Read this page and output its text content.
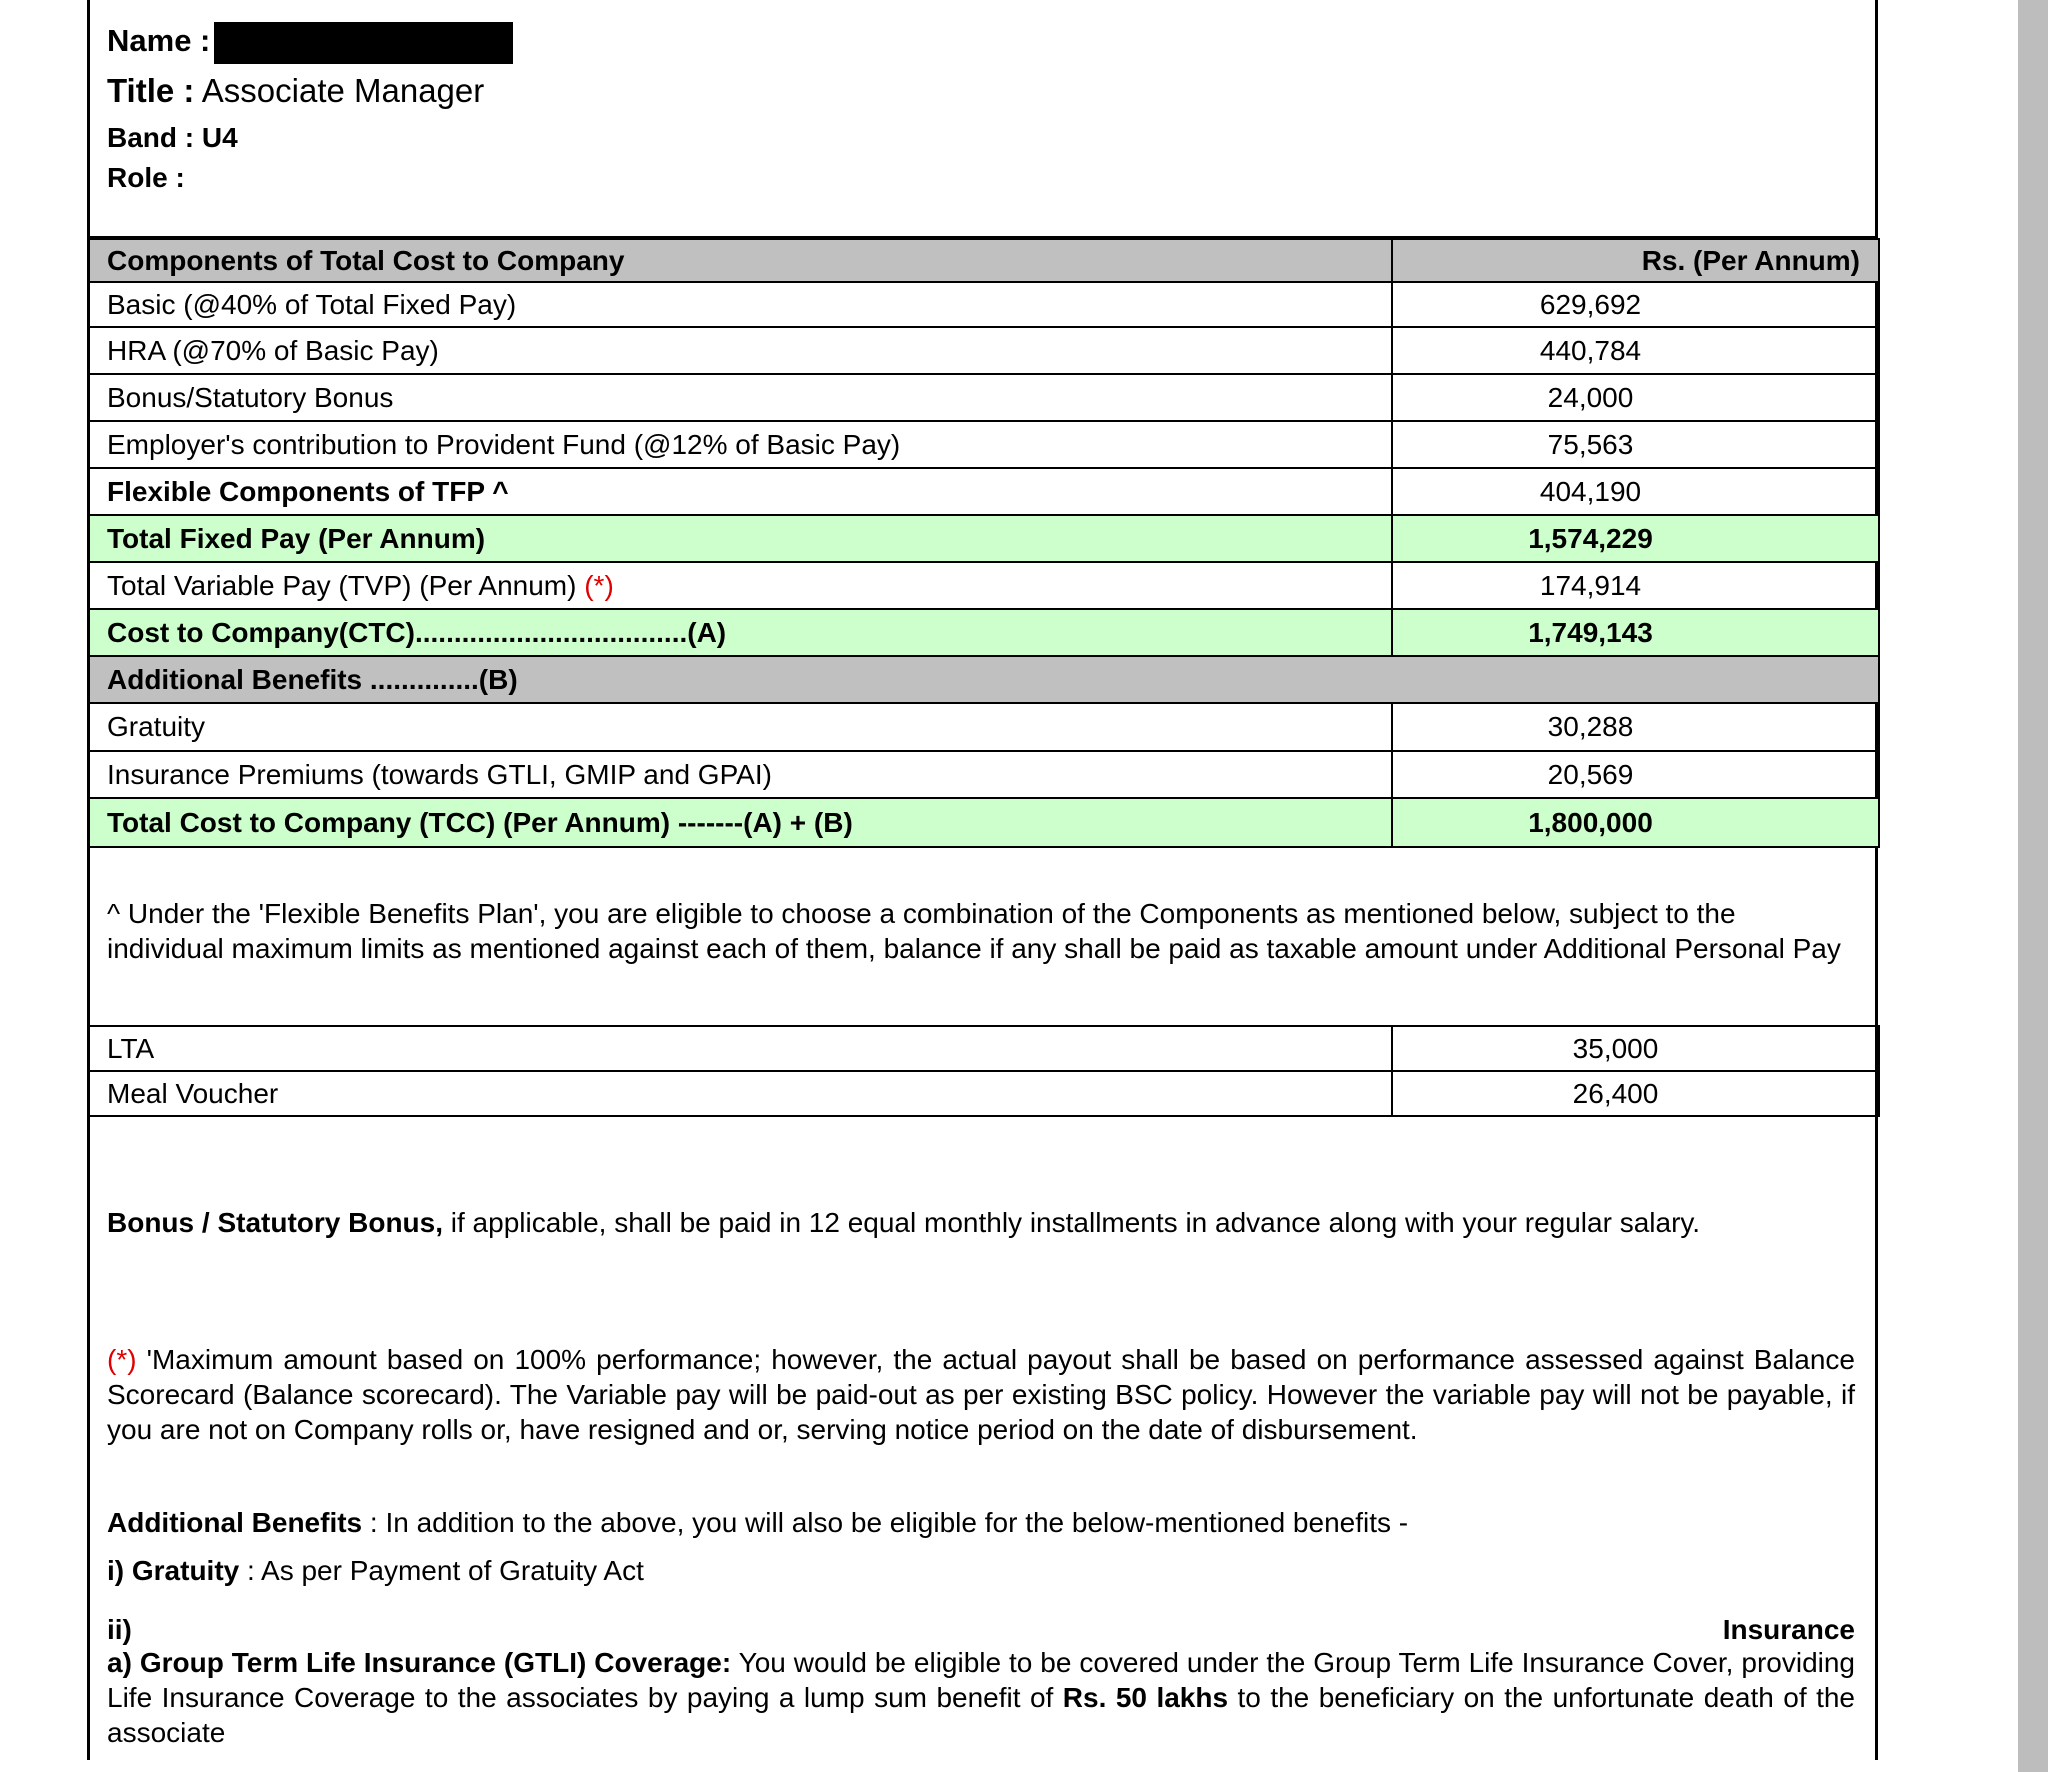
Name :
Title : Associate Manager
Band : U4
Role :
Components of Total Cost to Company	Rs. (Per Annum)
Basic (@40% of Total Fixed Pay)	629,692
HRA (@70% of Basic Pay)	440,784
Bonus/Statutory Bonus	24,000
Employer's contribution to Provident Fund (@12% of Basic Pay)	75,563
Flexible Components of TFP ^	404,190
Total Fixed Pay (Per Annum)	1,574,229
Total Variable Pay (TVP) (Per Annum) (*)	174,914
Cost to Company(CTC)...................................(A)	1,749,143
Additional Benefits ..............(B)	
Gratuity	30,288
Insurance Premiums (towards GTLI, GMIP and GPAI)	20,569
Total Cost to Company (TCC) (Per Annum) -------(A) + (B)	1,800,000
^ Under the 'Flexible Benefits Plan', you are eligible to choose a combination of the Components as mentioned below, subject to the individual maximum limits as mentioned against each of them, balance if any shall be paid as taxable amount under Additional Personal Pay
LTA	35,000
Meal Voucher	26,400
Bonus / Statutory Bonus, if applicable, shall be paid in 12 equal monthly installments in advance along with your regular salary.
(*) 'Maximum amount based on 100% performance; however, the actual payout shall be based on performance assessed against Balance Scorecard (Balance scorecard). The Variable pay will be paid-out as per existing BSC policy. However the variable pay will not be payable, if you are not on Company rolls or, have resigned and or, serving notice period on the date of disbursement.
Additional Benefits : In addition to the above, you will also be eligible for the below-mentioned benefits -
i) Gratuity : As per Payment of Gratuity Act
ii)	Insurance
a) Group Term Life Insurance (GTLI) Coverage: You would be eligible to be covered under the Group Term Life Insurance Cover, providing Life Insurance Coverage to the associates by paying a lump sum benefit of Rs. 50 lakhs to the beneficiary on the unfortunate death of the associate
